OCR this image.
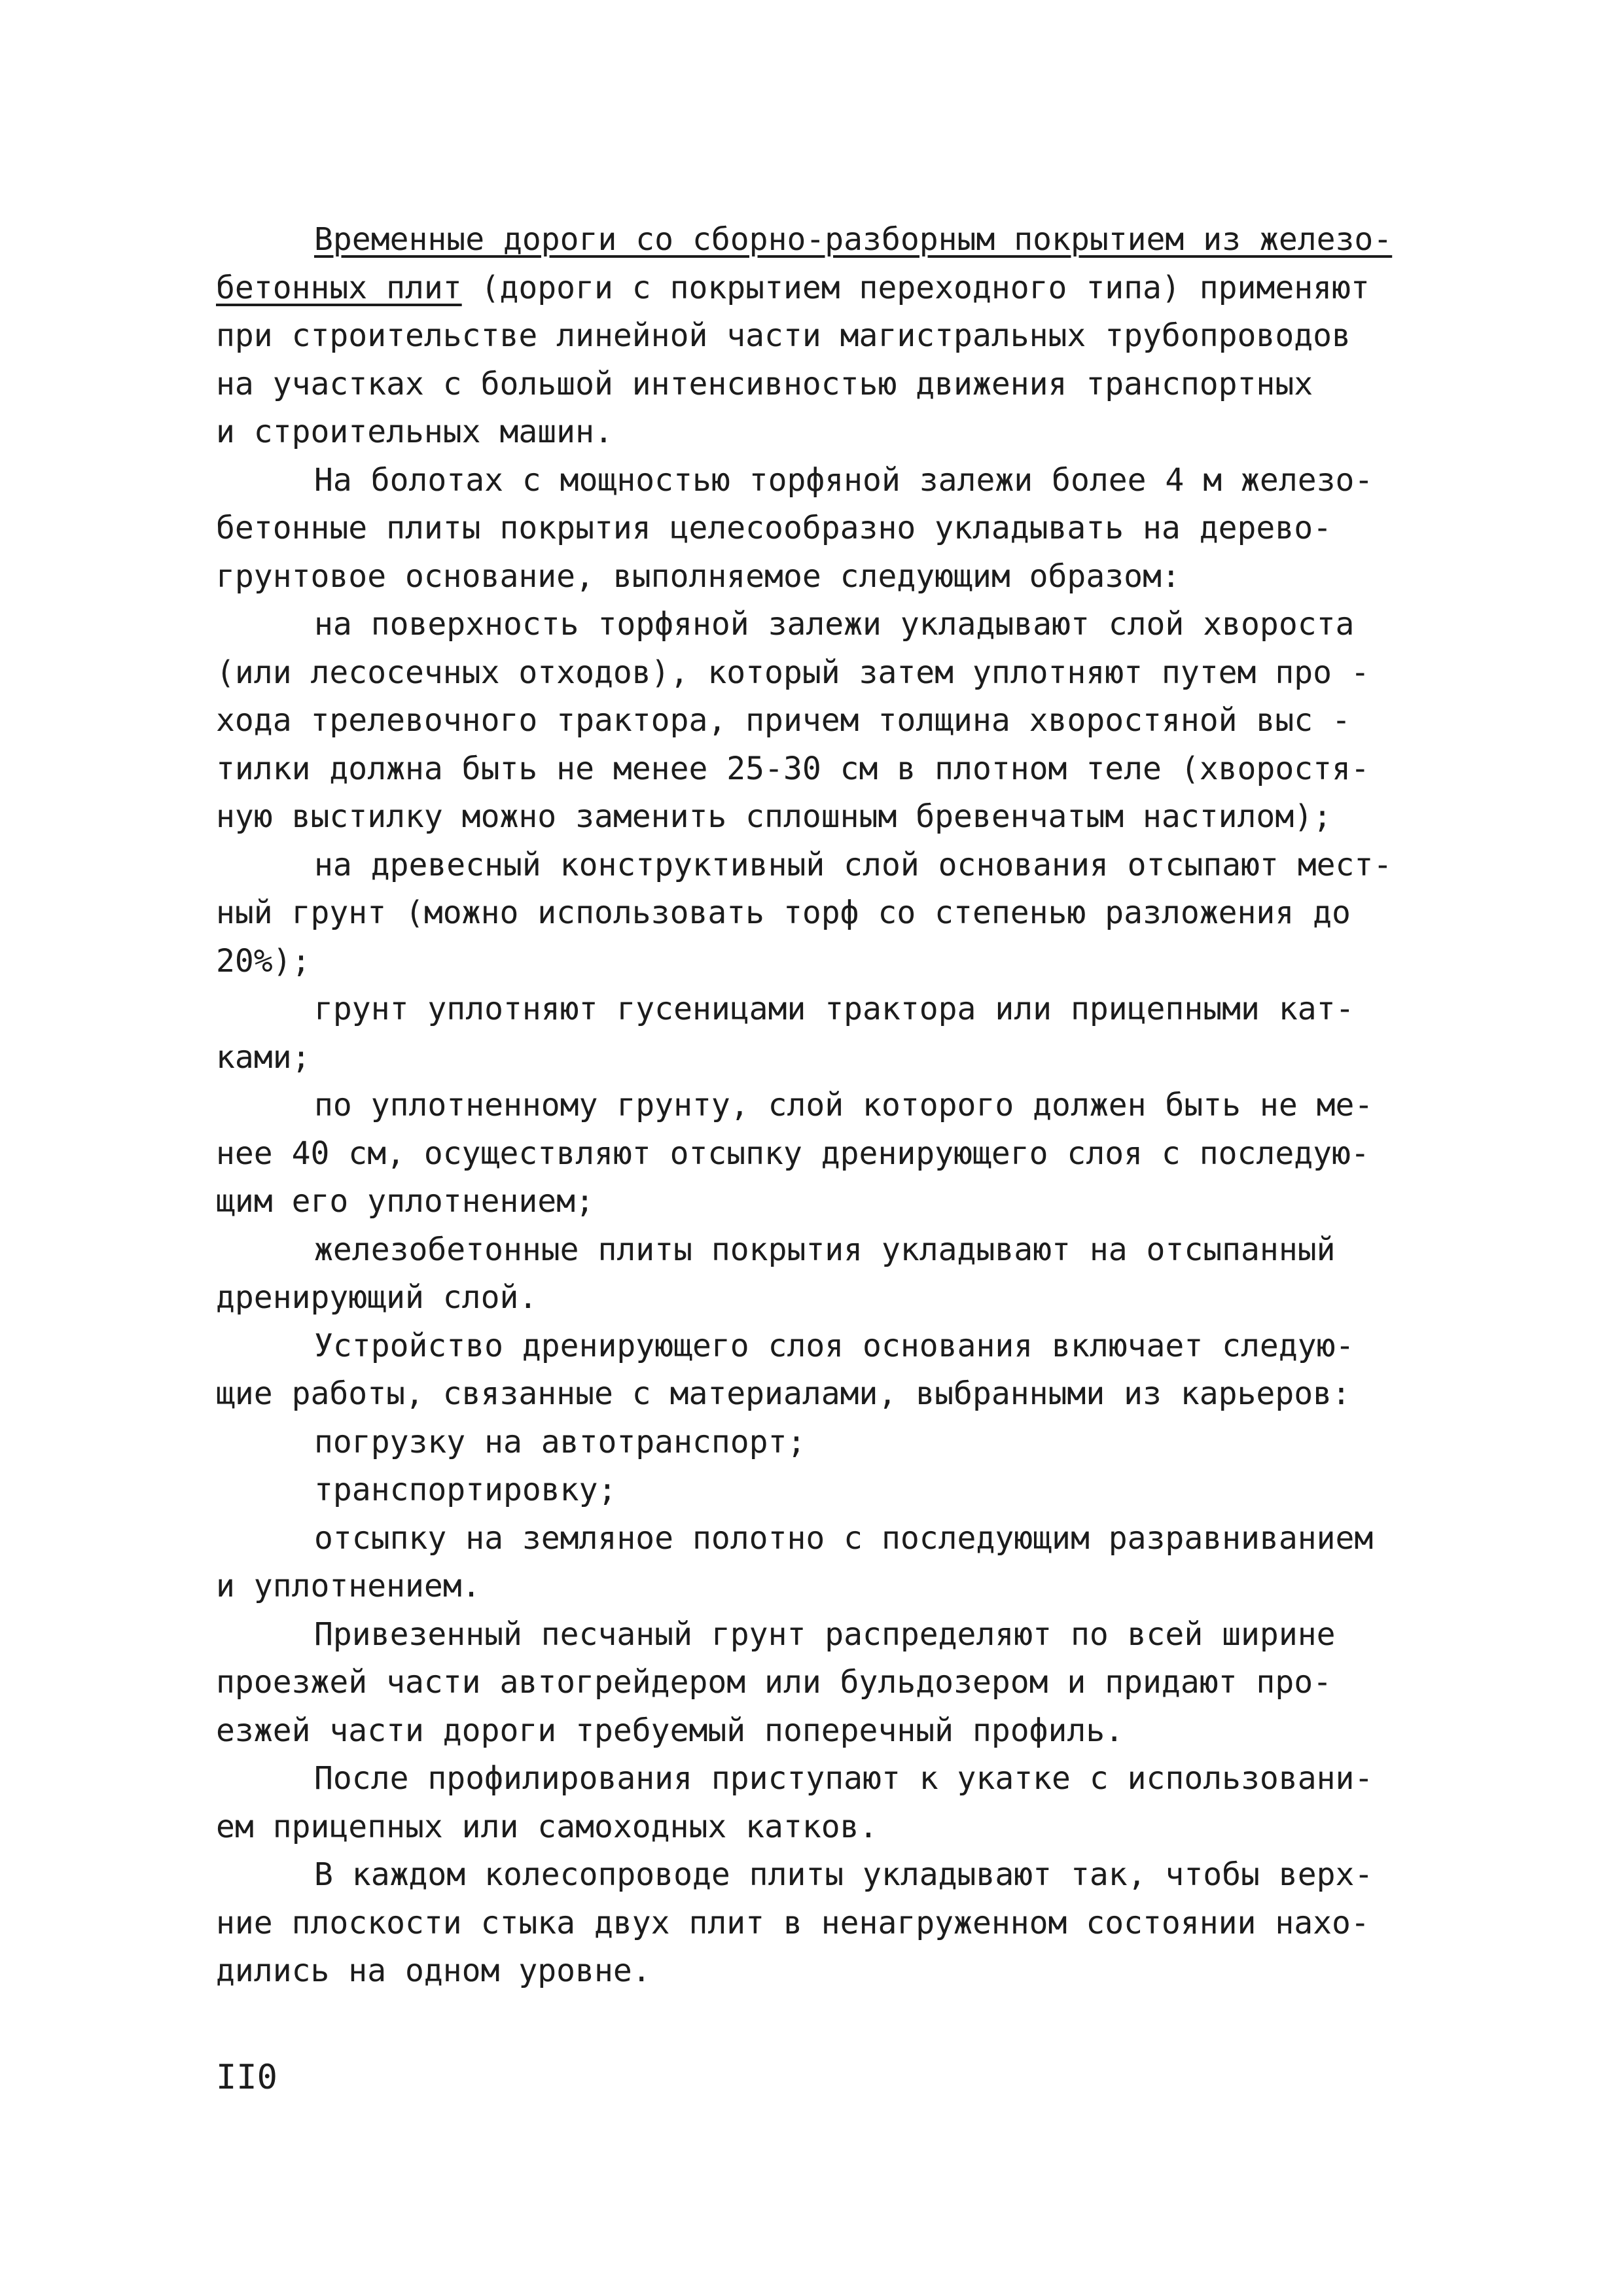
Временные дороги со сборно-разборным покрытием из железо-
бетонных плит (дороги с покрытием переходного типа) применяют
при строительстве линейной части магистральных трубопроводов
на участках с большой интенсивностью движения транспортных
и строительных машин.
На болотах с мощностью торфяной залежи более 4 м железо-
бетонные плиты покрытия целесообразно укладывать на дерево-
грунтовое основание, выполняемое следующим образом:
на поверхность торфяной залежи укладывают слой хвороста
(или лесосечных отходов), который затем уплотняют путем про -
хода трелевочного трактора, причем толщина хворостяной выс -
тилки должна быть не менее 25-30 см в плотном теле (хворостя-
ную выстилку можно заменить сплошным бревенчатым настилом);
на древесный конструктивный слой основания отсыпают мест-
ный грунт (можно использовать торф со степенью разложения до
20%);
грунт уплотняют гусеницами трактора или прицепными кат-
ками;
по уплотненному грунту, слой которого должен быть не ме-
нее 40 см, осуществляют отсыпку дренирующего слоя с последую-
щим его уплотнением;
железобетонные плиты покрытия укладывают на отсыпанный
дренирующий слой.
Устройство дренирующего слоя основания включает следую-
щие работы, связанные с материалами, выбранными из карьеров:
погрузку на автотранспорт;
транспортировку;
отсыпку на земляное полотно с последующим разравниванием
и уплотнением.
Привезенный песчаный грунт распределяют по всей ширине
проезжей части автогрейдером или бульдозером и придают про-
езжей части дороги требуемый поперечный профиль.
После профилирования приступают к укатке с использовани-
ем прицепных или самоходных катков.
В каждом колесопроводе плиты укладывают так, чтобы верх-
ние плоскости стыка двух плит в ненагруженном состоянии нахо-
дились на одном уровне.
II0
